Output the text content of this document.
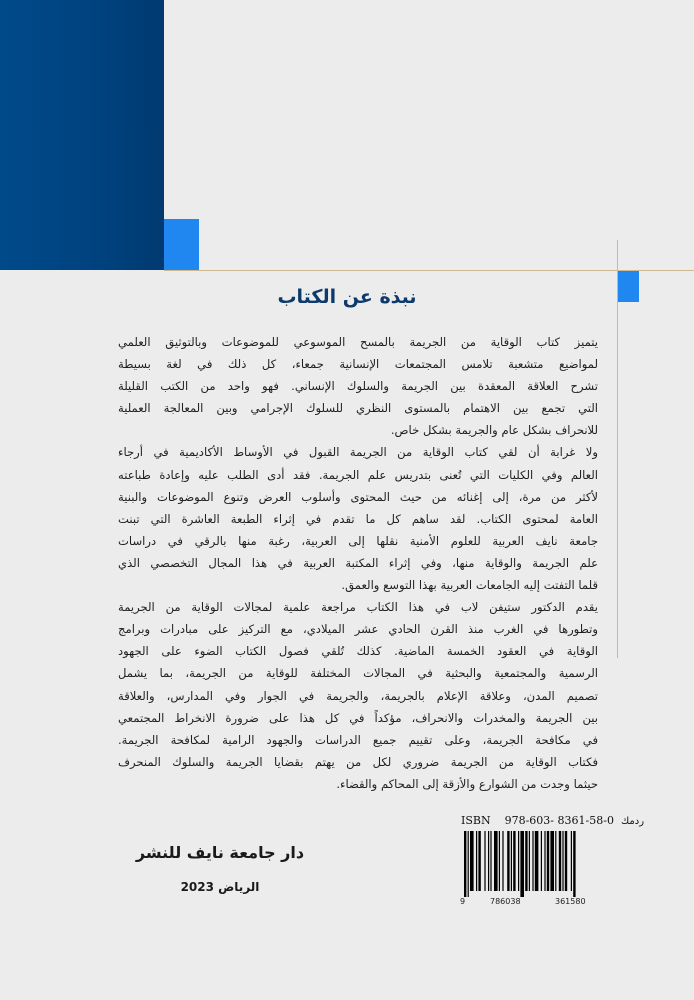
نبذة عن الكتاب
يتميز كتاب الوقاية من الجريمة بالمسح الموسوعي للموضوعات وبالتوثيق العلمي
لمواضيع متشعبة تلامس المجتمعات الإنسانية جمعاء، كل ذلك في لغة بسيطة
تشرح العلاقة المعقدة بين الجريمة والسلوك الإنساني. فهو واحد من الكتب القليلة
التي تجمع بين الاهتمام بالمستوى النظري للسلوك الإجرامي وبين المعالجة العملية
للانحراف بشكل عام والجريمة بشكل خاص.
ولا غرابة أن لقي كتاب الوقاية من الجريمة القبول في الأوساط الأكاديمية في أرجاء
العالم وفي الكليات التي تُعنى بتدريس علم الجريمة. فقد أدى الطلب عليه وإعادة طباعته
لأكثر من مرة، إلى إغنائه من حيث المحتوى وأسلوب العرض وتنوع الموضوعات والبنية
العامة لمحتوى الكتاب. لقد ساهم كل ما تقدم في إثراء الطبعة العاشرة التي تبنت
جامعة نايف العربية للعلوم الأمنية نقلها إلى العربية، رغبة منها بالرقي في دراسات
علم الجريمة والوقاية منها، وفي إثراء المكتبة العربية في هذا المجال التخصصي الذي
قلما التفتت إليه الجامعات العربية بهذا التوسع والعمق.
يقدم الدكتور ستيفن لاب في هذا الكتاب مراجعة علمية لمجالات الوقاية من الجريمة
وتطورها في الغرب منذ القرن الحادي عشر الميلادي، مع التركيز على مبادرات وبرامج
الوقاية في العقود الخمسة الماضية. كذلك تُلقي فصول الكتاب الضوء على الجهود
الرسمية والمجتمعية والبحثية في المجالات المختلفة للوقاية من الجريمة، بما يشمل
تصميم المدن، وعلاقة الإعلام بالجريمة، والجريمة في الجوار وفي المدارس، والعلاقة
بين الجريمة والمخدرات والانحراف، مؤكداً في كل هذا على ضرورة الانخراط المجتمعي
في مكافحة الجريمة، وعلى تقييم جميع الدراسات والجهود الرامية لمكافحة الجريمة.
فكتاب الوقاية من الجريمة ضروري لكل من يهتم بقضايا الجريمة والسلوك المنحرف
حيثما وجدت من الشوارع والأزقة إلى المحاكم والقضاء.
دار جامعة نايف للنشر
الرياض 2023
ISBN 978-603- 8361-58-0 ردمك
9	786038	361580
